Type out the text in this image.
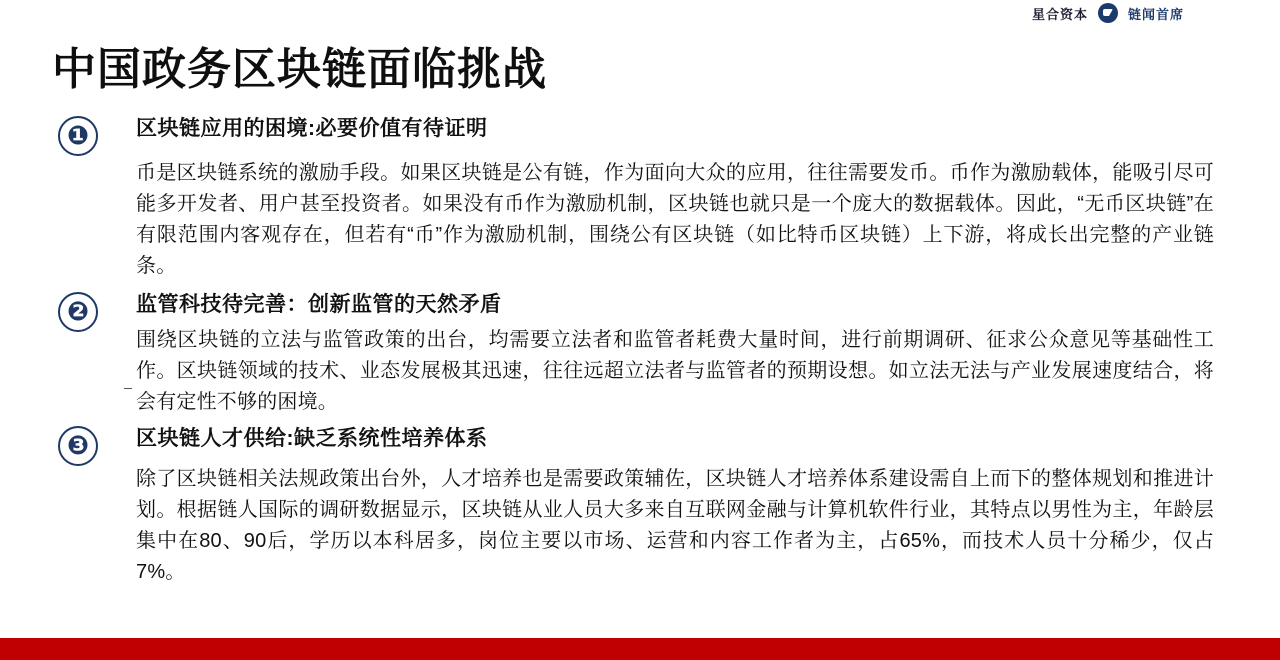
星合资本	链闻首席
中国政务区块链面临挑战
❶	区块链应用的困境:必要价值有待证明
币是区块链系统的激励手段。如果区块链是公有链，作为面向大众的应用，往往需要发币。币作为激励载体，能吸引尽可能多开发者、用户甚至投资者。如果没有币作为激励机制，区块链也就只是一个庞大的数据载体。因此，“无币区块链”在有限范围内客观存在，但若有“币”作为激励机制，围绕公有区块链（如比特币区块链）上下游，将成长出完整的产业链条。
❷	监管科技待完善：创新监管的天然矛盾
围绕区块链的立法与监管政策的出台，均需要立法者和监管者耗费大量时间，进行前期调研、征求公众意见等基础性工作。区块链领域的技术、业态发展极其迅速，往往远超立法者与监管者的预期设想。如立法无法与产业发展速度结合，将会有定性不够的困境。
❸	区块链人才供给:缺乏系统性培养体系
除了区块链相关法规政策出台外，人才培养也是需要政策辅佐，区块链人才培养体系建设需自上而下的整体规划和推进计划。根据链人国际的调研数据显示，区块链从业人员大多来自互联网金融与计算机软件行业，其特点以男性为主，年龄层集中在80、90后，学历以本科居多，岗位主要以市场、运营和内容工作者为主，占65%，而技术人员十分稀少，仅占7%。
